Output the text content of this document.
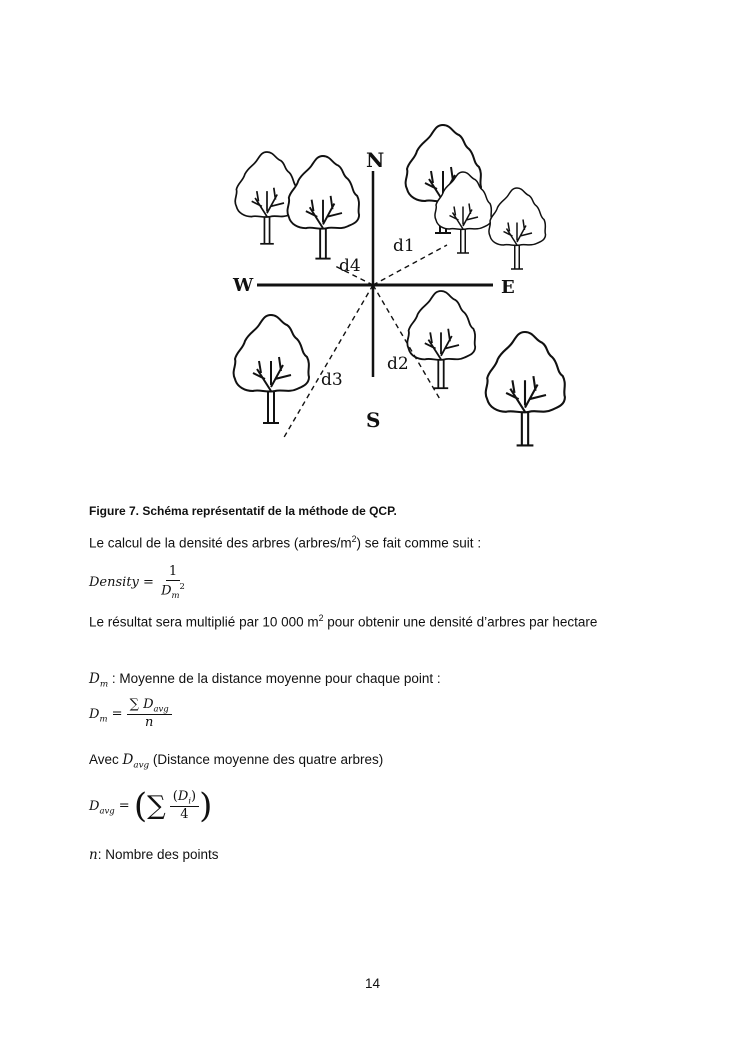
N
S
E
W
d1
d2
d3
d4
Figure 7. Schéma représentatif de la méthode de QCP.
Le calcul de la densité des arbres $(arbres/m^2)$ se fait comme suit :
Density = $\frac{1}{D_m^2}$
Le résultat sera multiplié par 10 000 $m^2$ pour obtenir une densité d’arbres par hectare
$D_m$ : Moyenne de la distance moyenne pour chaque point :
$D_m = \frac{\sum D_{avg}}{n}$
Avec $D_{avg}$ (Distance moyenne des quatre arbres)
$D_{avg}$ = (∑ $\frac{(D_i)}{4}$ )
n: Nombre des points
14
